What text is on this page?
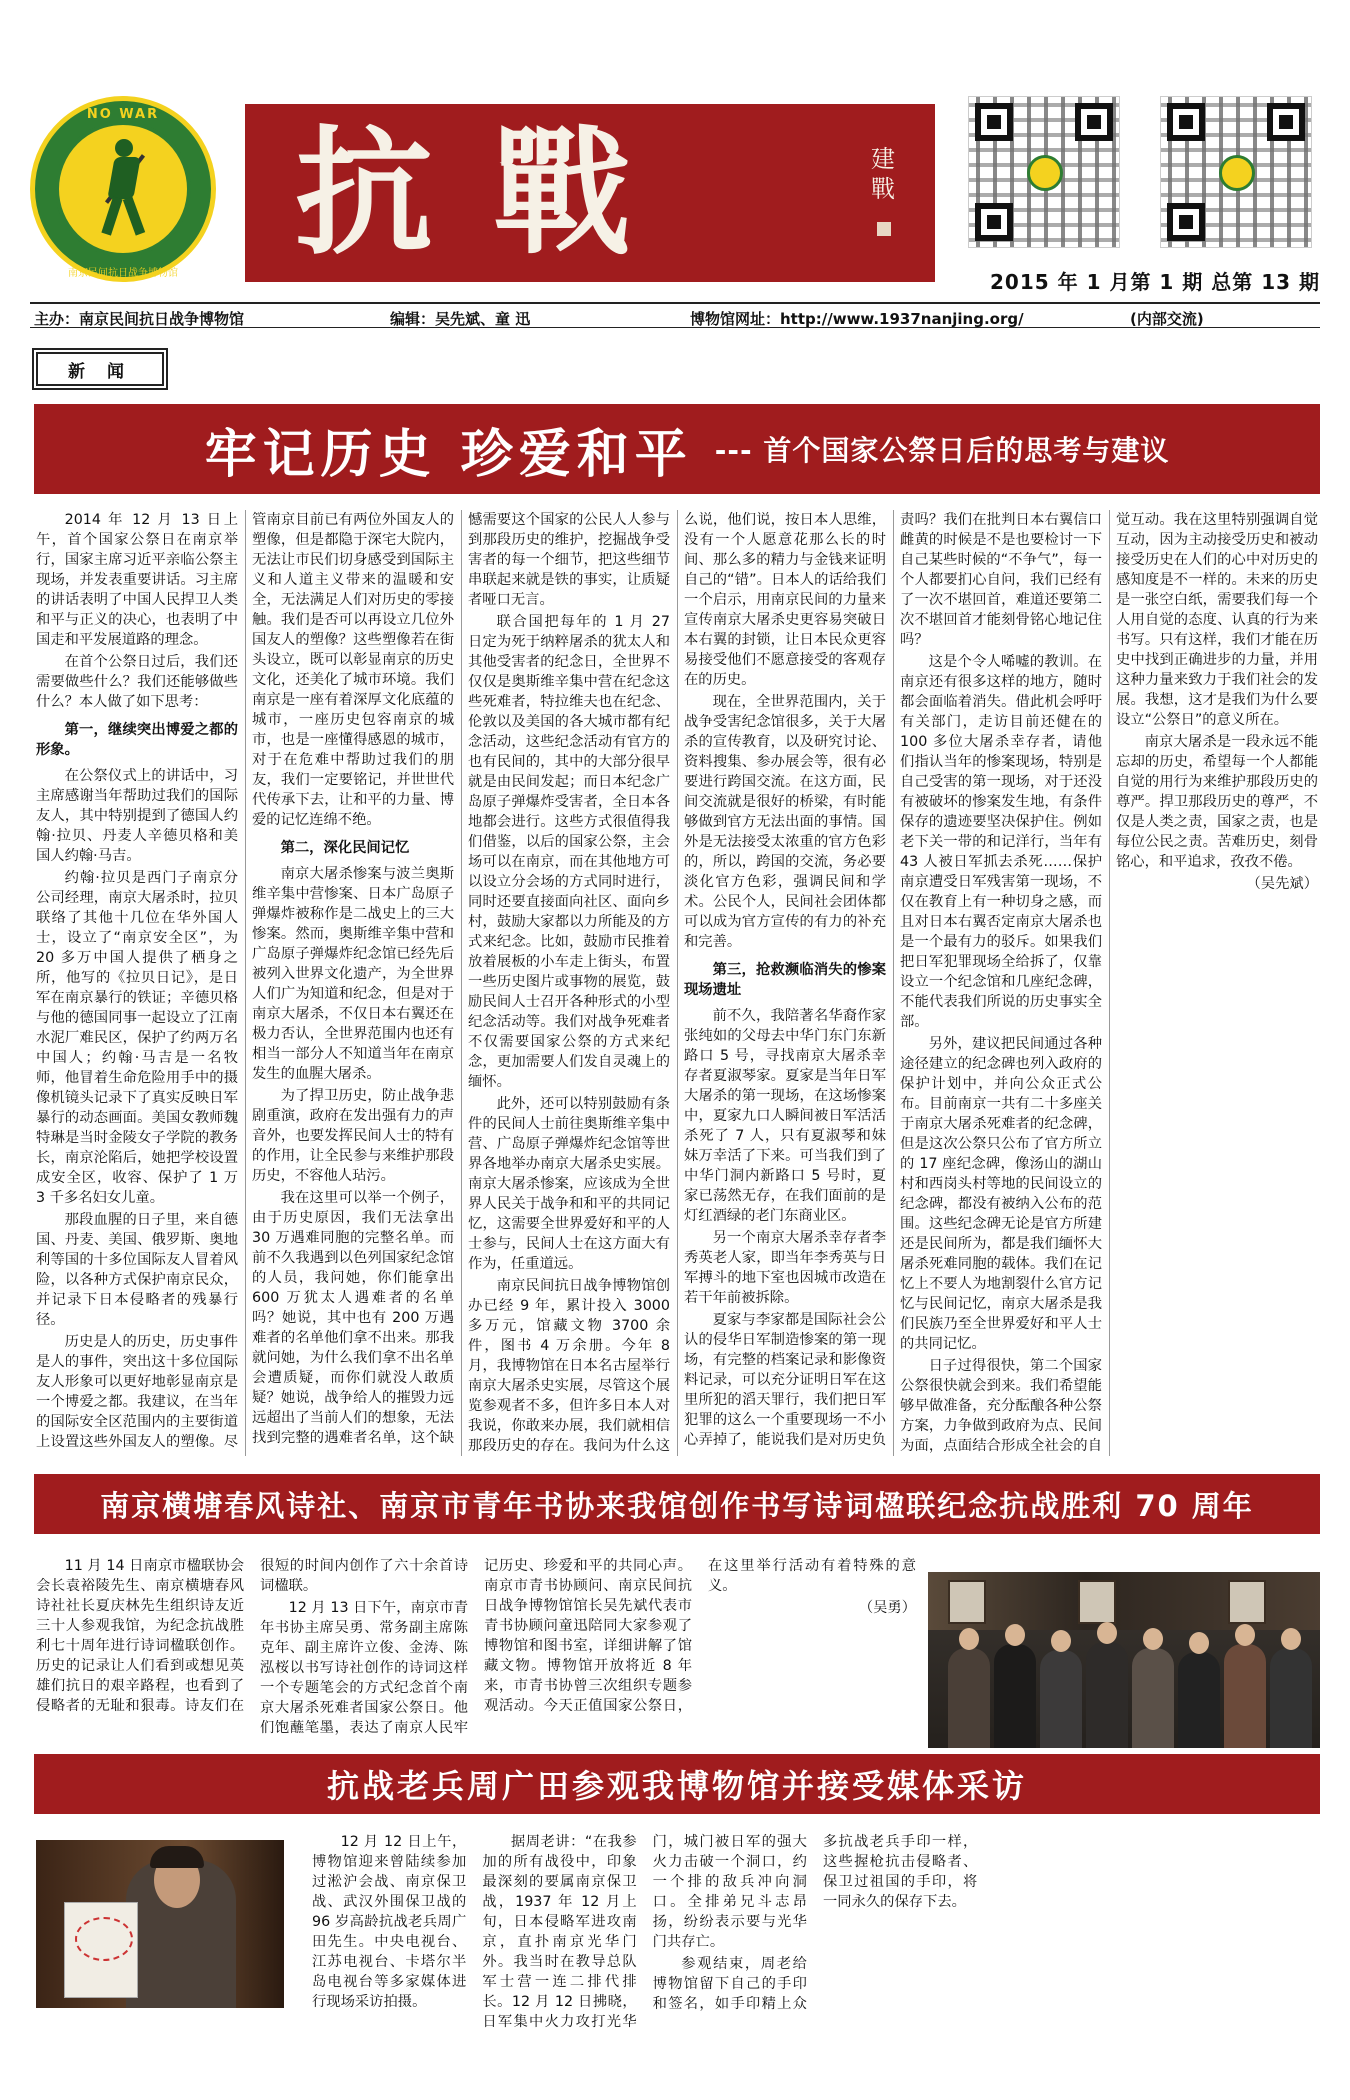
NO WAR
南京民间抗日战争博物馆 抗戰	建戰
2015 年 1 月第 1 期 总第 13 期
主办：南京民间抗日战争博物馆	编辑：吴先斌、童 迅	博物馆网址：http://www.1937nanjing.org/	(内部交流)
新 闻
牢记历史 珍爱和平 --- 首个国家公祭日后的思考与建议

2014 年 12 月 13 日上午，首个国家公祭日在南京举行，国家主席习近平亲临公祭主现场，并发表重要讲话。习主席的讲话表明了中国人民捍卫人类和平与正义的决心，也表明了中国走和平发展道路的理念。

在首个公祭日过后，我们还需要做些什么？我们还能够做些什么？本人做了如下思考：

第一，继续突出博爱之都的形象。

在公祭仪式上的讲话中，习主席感谢当年帮助过我们的国际友人，其中特别提到了德国人约翰·拉贝、丹麦人辛德贝格和美国人约翰·马吉。

约翰·拉贝是西门子南京分公司经理，南京大屠杀时，拉贝联络了其他十几位在华外国人士，设立了“南京安全区”，为 20 多万中国人提供了栖身之所，他写的《拉贝日记》，是日军在南京暴行的铁证；辛德贝格与他的德国同事一起设立了江南水泥厂难民区，保护了约两万名中国人；约翰·马吉是一名牧师，他冒着生命危险用手中的摄像机镜头记录下了真实反映日军暴行的动态画面。美国女教师魏特琳是当时金陵女子学院的教务长，南京沦陷后，她把学校设置成安全区，收容、保护了 1 万 3 千多名妇女儿童。

那段血腥的日子里，来自德国、丹麦、美国、俄罗斯、奥地利等国的十多位国际友人冒着风险，以各种方式保护南京民众，并记录下日本侵略者的残暴行径。

历史是人的历史，历史事件是人的事件，突出这十多位国际友人形象可以更好地彰显南京是一个博爱之都。我建议，在当年的国际安全区范围内的主要街道上设置这些外国友人的塑像。尽管南京目前已有两位外国友人的塑像，但是都隐于深宅大院内，无法让市民们切身感受到国际主义和人道主义带来的温暖和安全，无法满足人们对历史的零接触。我们是否可以再设立几位外国友人的塑像？这些塑像若在街头设立，既可以彰显南京的历史文化，还美化了城市环境。我们南京是一座有着深厚文化底蕴的城市，一座历史包容南京的城市，也是一座懂得感恩的城市，对于在危难中帮助过我们的朋友，我们一定要铭记，并世世代代传承下去，让和平的力量、博爱的记忆连绵不绝。

第二，深化民间记忆

南京大屠杀惨案与波兰奥斯维辛集中营惨案、日本广岛原子弹爆炸被称作是二战史上的三大惨案。然而，奥斯维辛集中营和广岛原子弹爆炸纪念馆已经先后被列入世界文化遗产，为全世界人们广为知道和纪念，但是对于南京大屠杀，不仅日本右翼还在极力否认，全世界范围内也还有相当一部分人不知道当年在南京发生的血腥大屠杀。

为了捍卫历史，防止战争悲剧重演，政府在发出强有力的声音外，也要发挥民间人士的特有的作用，让全民参与来维护那段历史，不容他人玷污。

我在这里可以举一个例子，由于历史原因，我们无法拿出 30 万遇难同胞的完整名单。而前不久我遇到以色列国家纪念馆的人员，我问她，你们能拿出 600 万犹太人遇难者的名单吗？她说，其中也有 200 万遇难者的名单他们拿不出来。那我就问她，为什么我们拿不出名单会遭质疑，而你们就没人敢质疑？她说，战争给人的摧毁力远远超出了当前人们的想象，无法找到完整的遇难者名单，这个缺憾需要这个国家的公民人人参与到那段历史的维护，挖掘战争受害者的每一个细节，把这些细节串联起来就是铁的事实，让质疑者哑口无言。

联合国把每年的 1 月 27 日定为死于纳粹屠杀的犹太人和其他受害者的纪念日，全世界不仅仅是奥斯维辛集中营在纪念这些死难者，特拉维夫也在纪念、伦敦以及美国的各大城市都有纪念活动，这些纪念活动有官方的也有民间的，其中的大部分很早就是由民间发起；而日本纪念广岛原子弹爆炸受害者，全日本各地都会进行。这些方式很值得我们借鉴，以后的国家公祭，主会场可以在南京，而在其他地方可以设立分会场的方式同时进行，同时还要直接面向社区、面向乡村，鼓励大家都以力所能及的方式来纪念。比如，鼓励市民推着放着展板的小车走上街头，布置一些历史图片或事物的展览，鼓励民间人士召开各种形式的小型纪念活动等。我们对战争死难者不仅需要国家公祭的方式来纪念，更加需要人们发自灵魂上的缅怀。

此外，还可以特别鼓励有条件的民间人士前往奥斯维辛集中营、广岛原子弹爆炸纪念馆等世界各地举办南京大屠杀史实展。南京大屠杀惨案，应该成为全世界人民关于战争和和平的共同记忆，这需要全世界爱好和平的人士参与，民间人士在这方面大有作为，任重道远。

南京民间抗日战争博物馆创办已经 9 年，累计投入 3000 多万元，馆藏文物 3700 余件，图书 4 万余册。今年 8 月，我博物馆在日本名古屋举行南京大屠杀史实展，尽管这个展览参观者不多，但许多日本人对我说，你敢来办展，我们就相信那段历史的存在。我问为什么这么说，他们说，按日本人思维，没有一个人愿意花那么长的时间、那么多的精力与金钱来证明自己的“错”。日本人的话给我们一个启示，用南京民间的力量来宣传南京大屠杀史更容易突破日本右翼的封锁，让日本民众更容易接受他们不愿意接受的客观存在的历史。

现在，全世界范围内，关于战争受害纪念馆很多，关于大屠杀的宣传教育，以及研究讨论、资料搜集、参办展会等，很有必要进行跨国交流。在这方面，民间交流就是很好的桥梁，有时能够做到官方无法出面的事情。国外是无法接受太浓重的官方色彩的，所以，跨国的交流，务必要淡化官方色彩，强调民间和学术。公民个人，民间社会团体都可以成为官方宣传的有力的补充和完善。

第三，抢救濒临消失的惨案现场遗址

前不久，我陪著名华裔作家张纯如的父母去中华门东门东新路口 5 号，寻找南京大屠杀幸存者夏淑琴家。夏家是当年日军大屠杀的第一现场，在这场惨案中，夏家九口人瞬间被日军活活杀死了 7 人，只有夏淑琴和妹妹万幸活了下来。可当我们到了中华门洞内新路口 5 号时，夏家已荡然无存，在我们面前的是灯红酒绿的老门东商业区。

另一个南京大屠杀幸存者李秀英老人家，即当年李秀英与日军搏斗的地下室也因城市改造在若干年前被拆除。

夏家与李家都是国际社会公认的侵华日军制造惨案的第一现场，有完整的档案记录和影像资料记录，可以充分证明日军在这里所犯的滔天罪行，我们把日军犯罪的这么一个重要现场一不小心弄掉了，能说我们是对历史负责吗？我们在批判日本右翼信口雌黄的时候是不是也要检讨一下自己某些时候的“不争气”，每一个人都要扪心自问，我们已经有了一次不堪回首，难道还要第二次不堪回首才能刻骨铭心地记住吗？

这是个令人唏嘘的教训。在南京还有很多这样的地方，随时都会面临着消失。借此机会呼吁有关部门，走访目前还健在的 100 多位大屠杀幸存者，请他们指认当年的惨案现场，特别是自己受害的第一现场，对于还没有被破坏的惨案发生地，有条件保存的遗迹要坚决保护住。例如老下关一带的和记洋行，当年有 43 人被日军抓去杀死……保护南京遭受日军残害第一现场，不仅在教育上有一种切身之感，而且对日本右翼否定南京大屠杀也是一个最有力的驳斥。如果我们把日军犯罪现场全给拆了，仅靠设立一个纪念馆和几座纪念碑，不能代表我们所说的历史事实全部。

另外，建议把民间通过各种途径建立的纪念碑也列入政府的保护计划中，并向公众正式公布。目前南京一共有二十多座关于南京大屠杀死难者的纪念碑，但是这次公祭只公布了官方所立的 17 座纪念碑，像汤山的湖山村和西岗头村等地的民间设立的纪念碑，都没有被纳入公布的范围。这些纪念碑无论是官方所建还是民间所为，都是我们缅怀大屠杀死难同胞的载体。我们在记忆上不要人为地割裂什么官方记忆与民间记忆，南京大屠杀是我们民族乃至全世界爱好和平人士的共同记忆。

日子过得很快，第二个国家公祭很快就会到来。我们希望能够早做准备，充分酝酿各种公祭方案，力争做到政府为点、民间为面，点面结合形成全社会的自觉互动。我在这里特别强调自觉互动，因为主动接受历史和被动接受历史在人们的心中对历史的感知度是不一样的。未来的历史是一张空白纸，需要我们每一个人用自觉的态度、认真的行为来书写。只有这样，我们才能在历史中找到正确进步的力量，并用这种力量来致力于我们社会的发展。我想，这才是我们为什么要设立“公祭日”的意义所在。

南京大屠杀是一段永远不能忘却的历史，希望每一个人都能自觉的用行为来维护那段历史的尊严。捍卫那段历史的尊严，不仅是人类之责，国家之责，也是每位公民之责。苦难历史，刻骨铭心，和平追求，孜孜不倦。

（吴先斌）

南京横塘春风诗社、南京市青年书协来我馆创作书写诗词楹联纪念抗战胜利 70 周年

11 月 14 日南京市楹联协会会长袁裕陵先生、南京横塘春风诗社社长夏庆林先生组织诗友近三十人参观我馆，为纪念抗战胜利七十周年进行诗词楹联创作。历史的记录让人们看到或想见英雄们抗日的艰辛路程，也看到了侵略者的无耻和狠毒。诗友们在很短的时间内创作了六十余首诗词楹联。

12 月 13 日下午，南京市青年书协主席吴勇、常务副主席陈克年、副主席许立俊、金涛、陈泓桜以书写诗社创作的诗词这样一个专题笔会的方式纪念首个南京大屠杀死难者国家公祭日。他们饱蘸笔墨，表达了南京人民牢记历史、珍爱和平的共同心声。南京市青书协顾问、南京民间抗日战争博物馆馆长吴先斌代表市青书协顾问童迅陪同大家参观了博物馆和图书室，详细讲解了馆藏文物。博物馆开放将近 8 年来，市青书协曾三次组织专题参观活动。今天正值国家公祭日，在这里举行活动有着特殊的意义。

（吴勇）

抗战老兵周广田参观我博物馆并接受媒体采访

12 月 12 日上午，博物馆迎来曾陆续参加过淞沪会战、南京保卫战、武汉外围保卫战的 96 岁高龄抗战老兵周广田先生。中央电视台、江苏电视台、卡塔尔半岛电视台等多家媒体进行现场采访拍摄。

据周老讲：“在我参加的所有战役中，印象最深刻的要属南京保卫战，1937 年 12 月上旬，日本侵略军进攻南京，直扑南京光华门外。我当时在教导总队军士营一连二排代排长。12 月 12 日拂晓，日军集中火力攻打光华门，城门被日军的强大火力击破一个洞口，约一个排的敌兵冲向洞口。全排弟兄斗志昂扬，纷纷表示要与光华门共存亡。

参观结束，周老给博物馆留下自己的手印和签名，如手印精上众多抗战老兵手印一样，这些握枪抗击侵略者、保卫过祖国的手印，将一同永久的保存下去。
